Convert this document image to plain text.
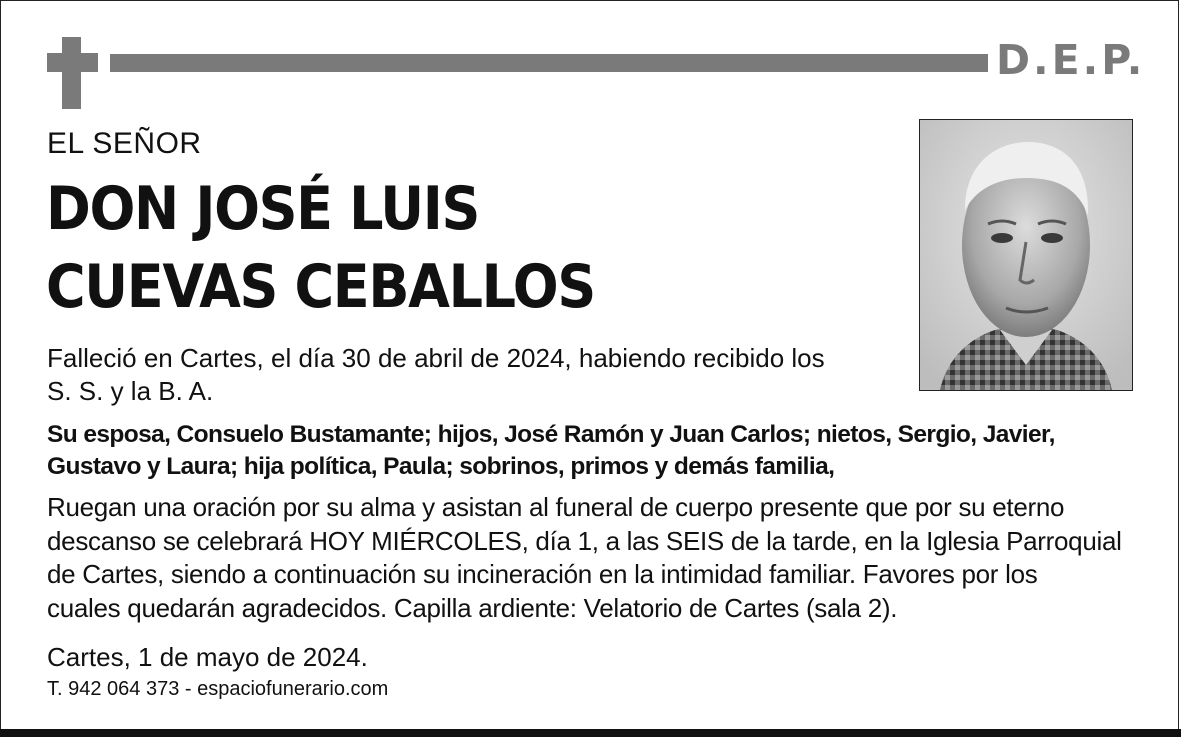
D.E.P.
EL SEÑOR
DON JOSÉ LUIS
CUEVAS CEBALLOS
Falleció en Cartes, el día 30 de abril de 2024, habiendo recibido los
S. S. y la B. A.
Su esposa, Consuelo Bustamante; hijos, José Ramón y Juan Carlos; nietos, Sergio, Javier,
Gustavo y Laura; hija política, Paula; sobrinos, primos y demás familia,
Ruegan una oración por su alma y asistan al funeral de cuerpo presente que por su eterno
descanso se celebrará HOY MIÉRCOLES, día 1, a las SEIS de la tarde, en la Iglesia Parroquial
de Cartes, siendo a continuación su incineración en la intimidad familiar. Favores por los
cuales quedarán agradecidos. Capilla ardiente: Velatorio de Cartes (sala 2).
Cartes, 1 de mayo de 2024.
T. 942 064 373 - espaciofunerario.com
